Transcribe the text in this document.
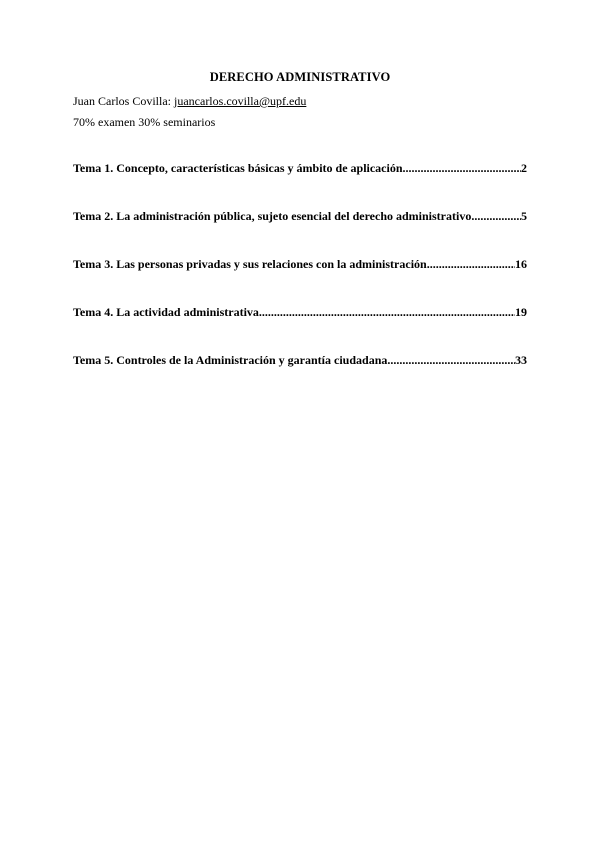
DERECHO ADMINISTRATIVO
Juan Carlos Covilla: juancarlos.covilla@upf.edu
70% examen 30% seminarios
Tema 1. Concepto, características básicas y ámbito de aplicación .....	2
Tema 2. La administración pública, sujeto esencial del derecho administrativo .....	5
Tema 3. Las personas privadas y sus relaciones con la administración .....	16
Tema 4. La actividad administrativa .....	19
Tema 5. Controles de la Administración y garantía ciudadana .....	33
